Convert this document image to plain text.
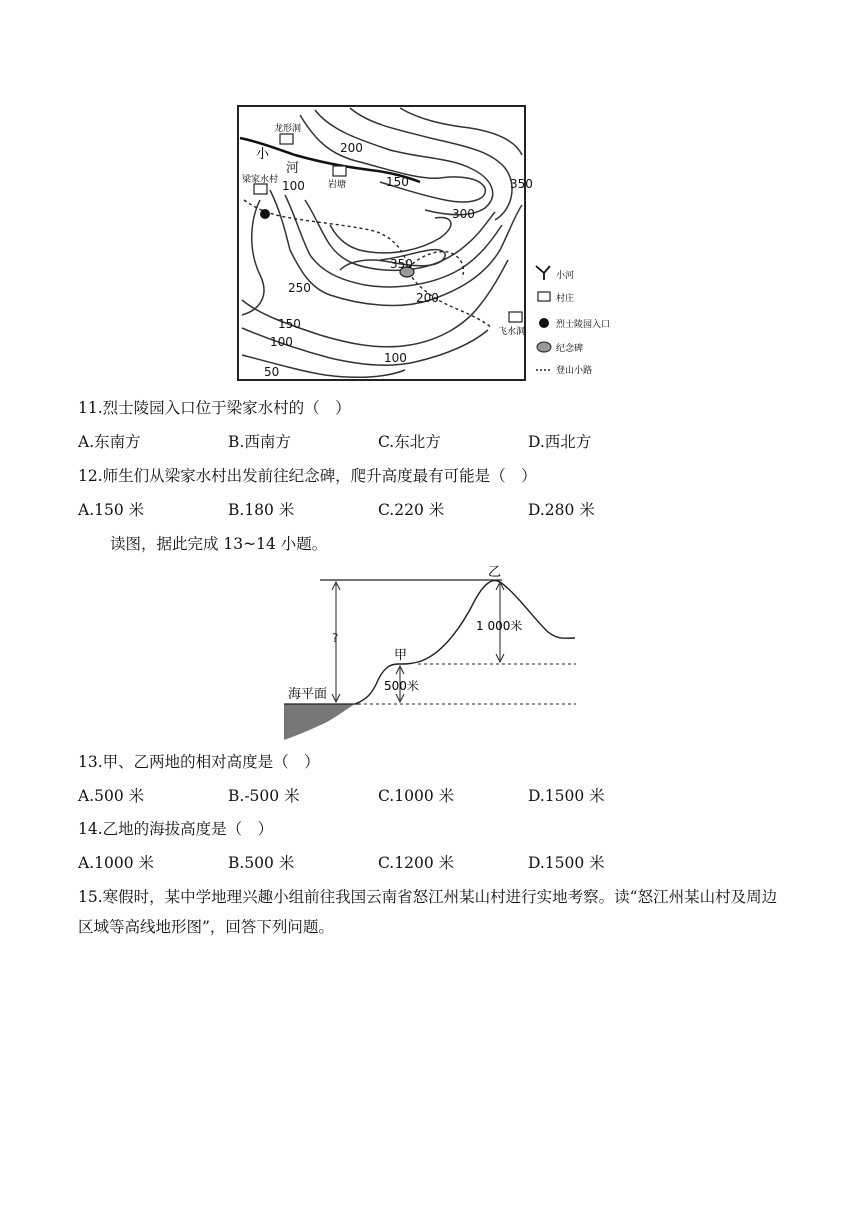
小
河
龙形洞
梁家水村	岩塘
飞水洞
200
100	150	350
300
350
250
200
150
100
100
50
小河
村庄
烈士陵园入口
纪念碑
登山小路
11.烈士陵园入口位于梁家水村的（　）
A.东南方	B.西南方	C.东北方	D.西北方
12.师生们从梁家水村出发前往纪念碑，爬升高度最有可能是（　）
A.150 米	B.180 米	C.220 米	D.280 米
读图，据此完成 13~14 小题。
?
乙
甲
1 000米
500米
海平面
13.甲、乙两地的相对高度是（　）
A.500 米	B.-500 米	C.1000 米	D.1500 米
14.乙地的海拔高度是（　）
A.1000 米	B.500 米	C.1200 米	D.1500 米
15.寒假时，某中学地理兴趣小组前往我国云南省怒江州某山村进行实地考察。读“怒江州某山村及周边区域等高线地形图”，回答下列问题。
